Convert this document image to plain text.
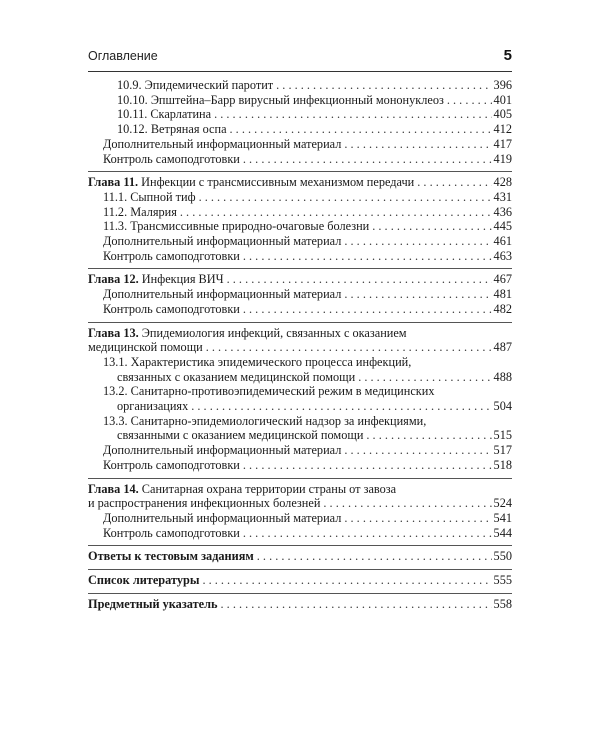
Оглавление	5
10.9. Эпидемический паротит . . .	396
10.10. Эпштейна–Барр вирусный инфекционный мононуклеоз . . .	401
10.11. Скарлатина . . .	405
10.12. Ветряная оспа . . .	412
Дополнительный информационный материал . . .	417
Контроль самоподготовки . . .	419
Глава 11. Инфекции с трансмиссивным механизмом передачи . . .	428
11.1. Сыпной тиф . . .	431
11.2. Малярия . . .	436
11.3. Трансмиссивные природно-очаговые болезни . . .	445
Дополнительный информационный материал . . .	461
Контроль самоподготовки . . .	463
Глава 12. Инфекция ВИЧ . . .	467
Дополнительный информационный материал . . .	481
Контроль самоподготовки . . .	482
Глава 13. Эпидемиология инфекций, связанных с оказанием
медицинской помощи . . .	487
13.1. Характеристика эпидемического процесса инфекций,
связанных с оказанием медицинской помощи . . .	488
13.2. Санитарно-противоэпидемический режим в медицинских
организациях . . .	504
13.3. Санитарно-эпидемиологический надзор за инфекциями,
связанными с оказанием медицинской помощи . . .	515
Дополнительный информационный материал . . .	517
Контроль самоподготовки . . .	518
Глава 14. Санитарная охрана территории страны от завоза
и распространения инфекционных болезней . . .	524
Дополнительный информационный материал . . .	541
Контроль самоподготовки . . .	544
Ответы к тестовым заданиям . . .	550
Список литературы . . .	555
Предметный указатель . . .	558
